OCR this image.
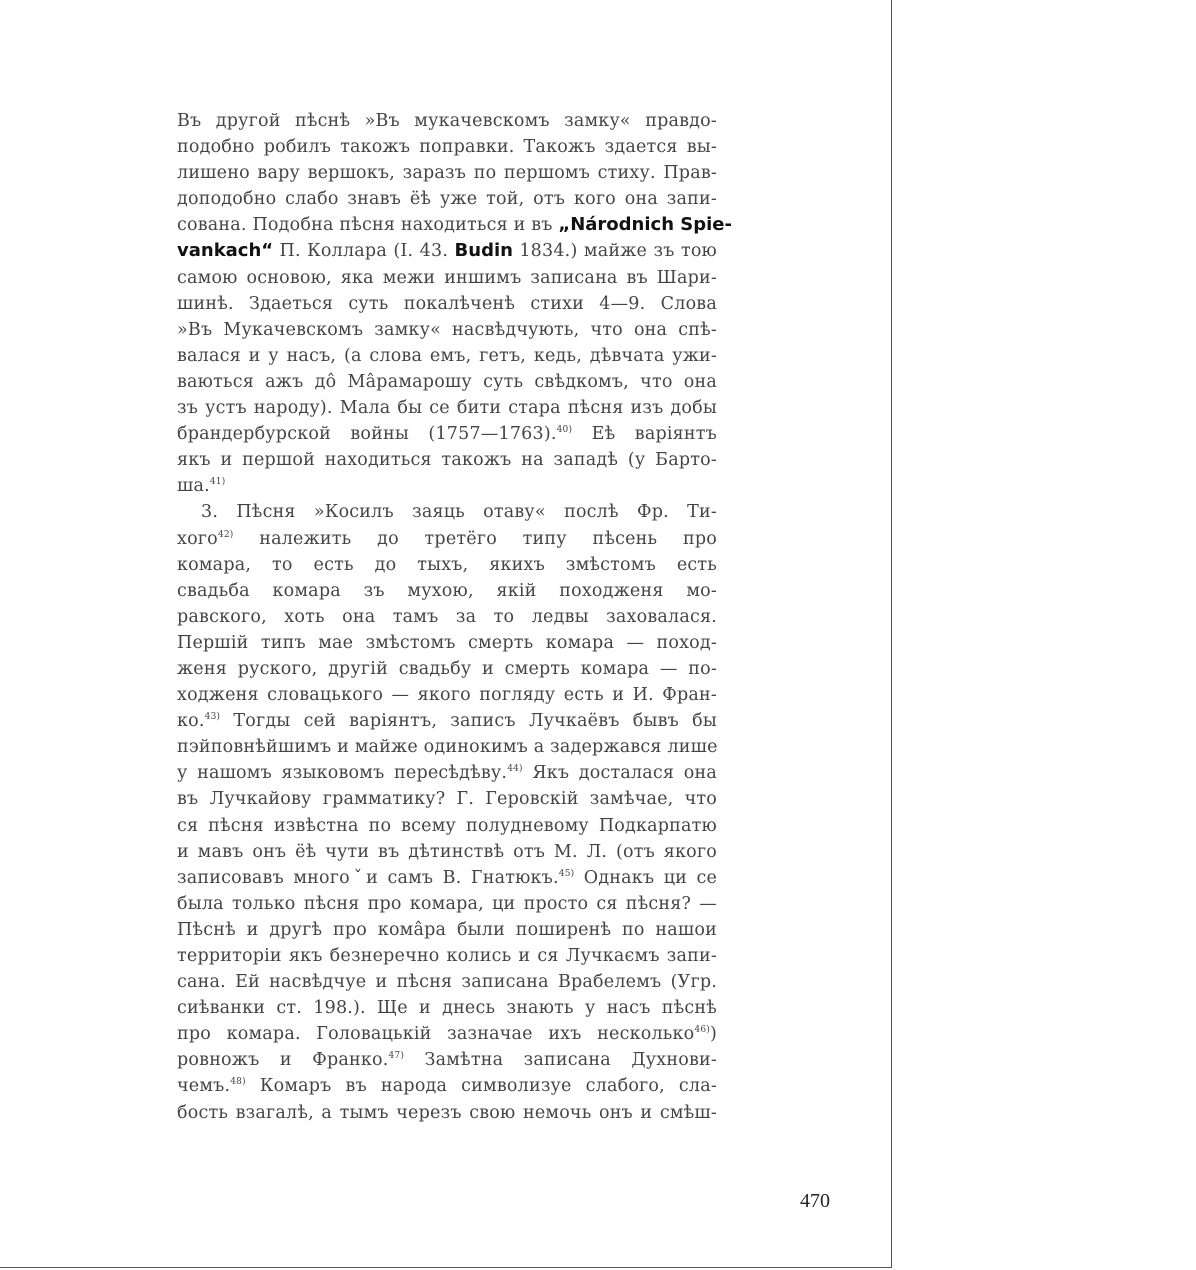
Въ другой пѣснѣ »Въ мукачевскомъ замку« правдо-
подобно робилъ такожъ поправки. Такожъ здается вы-
лишено вару вершокъ, заразъ по першомъ стиху. Прав-
доподобно слабо знавъ ёѣ уже той, отъ кого она запи-
сована. Подобна пѣсня находиться и въ „Národnich Spie-
vankach“ П. Коллара (I. 43. Budin 1834.) майже зъ тою
самою основою, яка межи иншимъ записана въ Шари-
шинѣ. Здаеться суть покалѣченѣ стихи 4—9. Слова
»Въ Мукачевскомъ замку« насвѣдчують, что она спѣ-
валася и у насъ, (а слова емъ, гетъ, кедь, дѣвчата ужи-
ваються ажъ дô Мâрамарошу суть свѣдкомъ, что она
зъ устъ народу). Мала бы се бити стара пѣсня изъ добы
брандербурской войны (1757—1763).$^{40)}$ Еѣ варіянтъ
якъ и першой находиться такожъ на западѣ (у Барто-
ша.$^{41)}$
3. Пѣсня »Косилъ заяць отаву« послѣ Фр. Ти-
хого$^{42)}$ належить до третёго типу пѣсень про
комара, то есть до тыхъ, якихъ змѣстомъ есть
свадьба комара зъ мухою, якій походженя мо-
равского, хоть она тамъ за то ледвы заховалася.
Першій типъ мае змѣстомъ смерть комара — поход-
женя руского, другій свадьбу и смерть комара — по-
ходженя словацького — якого погляду есть и И. Фран-
ко.$^{43)}$ Тогды сей варіянтъ, записъ Лучкаёвъ бывъ бы
пэйповнѣйшимъ и майже одинокимъ а задержався лише
у нашомъ языковомъ пересѣдѣву.$^{44)}$ Якъ досталася она
въ Лучкайову грамматику? Г. Геровскій замѣчае, что
ся пѣсня извѣстна по всему полудневому Подкарпатю
и мавъ онъ ёѣ чути въ дѣтинствѣ отъ М. Л. (отъ якого
записовавъ многоˇи самъ В. Гнатюкъ.$^{45)}$ Однакъ ци се
была только пѣсня про комара, ци просто ся пѣсня? —
Пѣснѣ и другѣ про комâра были поширенѣ по нашои
территоріи якъ безнеречно колись и ся Лучкаємъ запи-
сана. Ей насвѣдчуе и пѣсня записана Врабелемъ (Угр.
сиѣванки ст. 198.). Ще и днесь знають у насъ пѣснѣ
про комара. Головацькій зазначае ихъ несколько$^{46)}$)
ровножъ и Франко.$^{47)}$ Замѣтна записана Духнови-
чемъ.$^{48)}$ Комаръ въ народа символизуе слабого, сла-
бость взагалѣ, а тымъ черезъ свою немочь онъ и смѣш-
470
